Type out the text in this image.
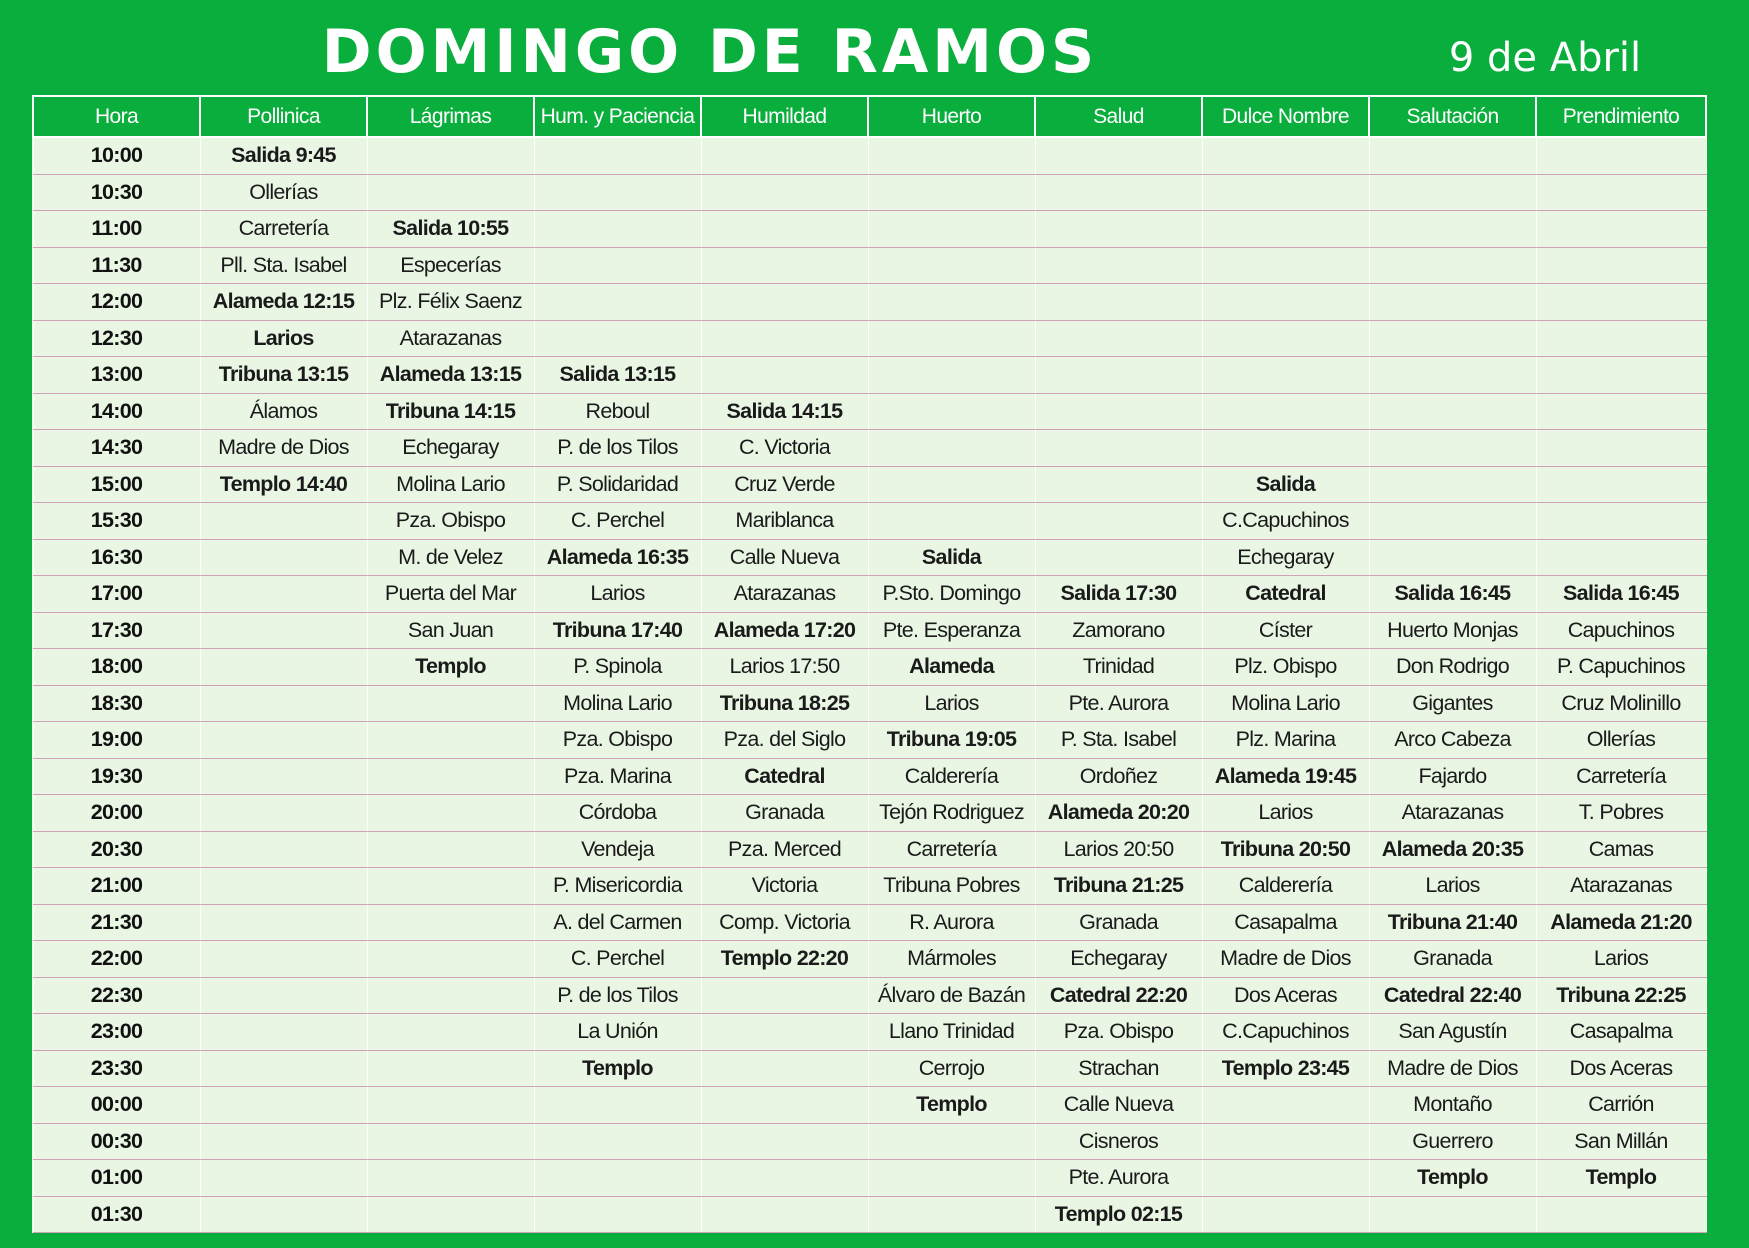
DOMINGO DE RAMOS	9 de Abril
Hora	Pollinica	Lágrimas	Hum. y Paciencia	Humildad	Huerto	Salud	Dulce Nombre	Salutación	Prendimiento
10:00	Salida 9:45								
10:30	Ollerías								
11:00	Carretería	Salida 10:55							
11:30	Pll. Sta. Isabel	Especerías							
12:00	Alameda 12:15	Plz. Félix Saenz							
12:30	Larios	Atarazanas							
13:00	Tribuna 13:15	Alameda 13:15	Salida 13:15						
14:00	Álamos	Tribuna 14:15	Reboul	Salida 14:15					
14:30	Madre de Dios	Echegaray	P. de los Tilos	C. Victoria					
15:00	Templo 14:40	Molina Lario	P. Solidaridad	Cruz Verde			Salida		
15:30		Pza. Obispo	C. Perchel	Mariblanca			C.Capuchinos		
16:30		M. de Velez	Alameda 16:35	Calle Nueva	Salida		Echegaray		
17:00		Puerta del Mar	Larios	Atarazanas	P.Sto. Domingo	Salida 17:30	Catedral	Salida 16:45	Salida 16:45
17:30		San Juan	Tribuna 17:40	Alameda 17:20	Pte. Esperanza	Zamorano	Císter	Huerto Monjas	Capuchinos
18:00		Templo	P. Spinola	Larios 17:50	Alameda	Trinidad	Plz. Obispo	Don Rodrigo	P. Capuchinos
18:30			Molina Lario	Tribuna 18:25	Larios	Pte. Aurora	Molina Lario	Gigantes	Cruz Molinillo
19:00			Pza. Obispo	Pza. del Siglo	Tribuna 19:05	P. Sta. Isabel	Plz. Marina	Arco Cabeza	Ollerías
19:30			Pza. Marina	Catedral	Calderería	Ordoñez	Alameda 19:45	Fajardo	Carretería
20:00			Córdoba	Granada	Tejón Rodriguez	Alameda 20:20	Larios	Atarazanas	T. Pobres
20:30			Vendeja	Pza. Merced	Carretería	Larios 20:50	Tribuna 20:50	Alameda 20:35	Camas
21:00			P. Misericordia	Victoria	Tribuna Pobres	Tribuna 21:25	Calderería	Larios	Atarazanas
21:30			A. del Carmen	Comp. Victoria	R. Aurora	Granada	Casapalma	Tribuna 21:40	Alameda 21:20
22:00			C. Perchel	Templo 22:20	Mármoles	Echegaray	Madre de Dios	Granada	Larios
22:30			P. de los Tilos		Álvaro de Bazán	Catedral 22:20	Dos Aceras	Catedral 22:40	Tribuna 22:25
23:00			La Unión		Llano Trinidad	Pza. Obispo	C.Capuchinos	San Agustín	Casapalma
23:30			Templo		Cerrojo	Strachan	Templo 23:45	Madre de Dios	Dos Aceras
00:00					Templo	Calle Nueva		Montaño	Carrión
00:30						Cisneros		Guerrero	San Millán
01:00						Pte. Aurora		Templo	Templo
01:30						Templo 02:15			
